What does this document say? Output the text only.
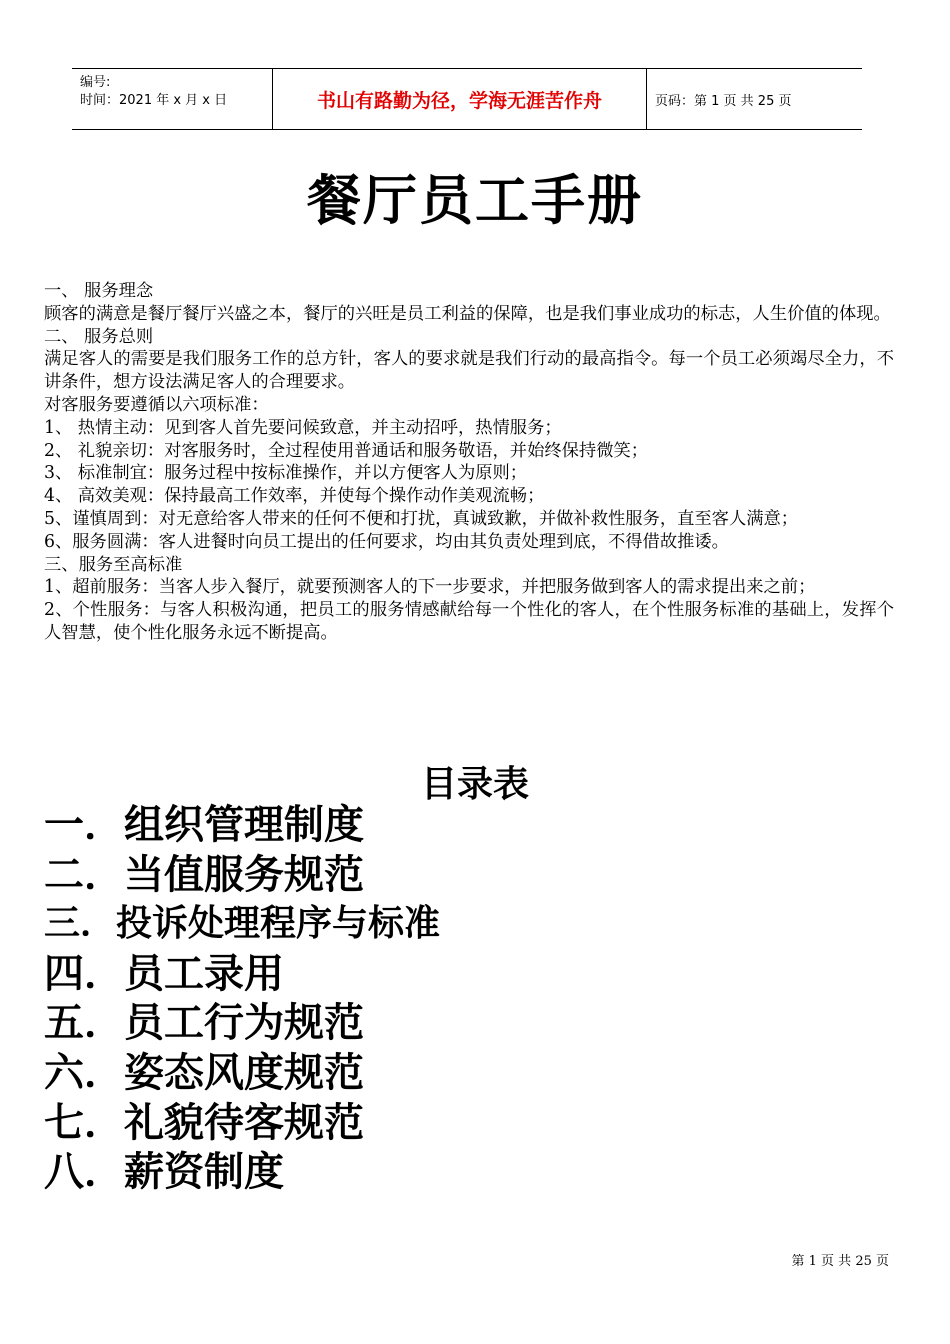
编号:
时间：2021 年 x 月 x 日	书山有路勤为径，学海无涯苦作舟	页码：第 1 页 共 25 页
餐厅员工手册

一、 服务理念

顾客的满意是餐厅餐厅兴盛之本，餐厅的兴旺是员工利益的保障，也是我们事业成功的标志，人生价值的体现。

二、 服务总则

满足客人的需要是我们服务工作的总方针，客人的要求就是我们行动的最高指令。每一个员工必须竭尽全力，不讲条件，想方设法满足客人的合理要求。

对客服务要遵循以六项标准：

1、 热情主动：见到客人首先要问候致意，并主动招呼，热情服务；

2、 礼貌亲切：对客服务时，全过程使用普通话和服务敬语，并始终保持微笑；

3、 标准制宜：服务过程中按标准操作，并以方便客人为原则；

4、 高效美观：保持最高工作效率，并使每个操作动作美观流畅；

5、谨慎周到：对无意给客人带来的任何不便和打扰，真诚致歉，并做补救性服务，直至客人满意；

6、服务圆满：客人进餐时向员工提出的任何要求，均由其负责处理到底，不得借故推诿。

三、服务至高标准

1、超前服务：当客人步入餐厅，就要预测客人的下一步要求，并把服务做到客人的需求提出来之前；

2、个性服务：与客人积极沟通，把员工的服务情感献给每一个性化的客人，在个性服务标准的基础上，发挥个人智慧，使个性化服务永远不断提高。

目录表
一．组织管理制度
二．当值服务规范
三．投诉处理程序与标准
四．员工录用
五．员工行为规范
六．姿态风度规范
七．礼貌待客规范
八．薪资制度
第 1 页 共 25 页
